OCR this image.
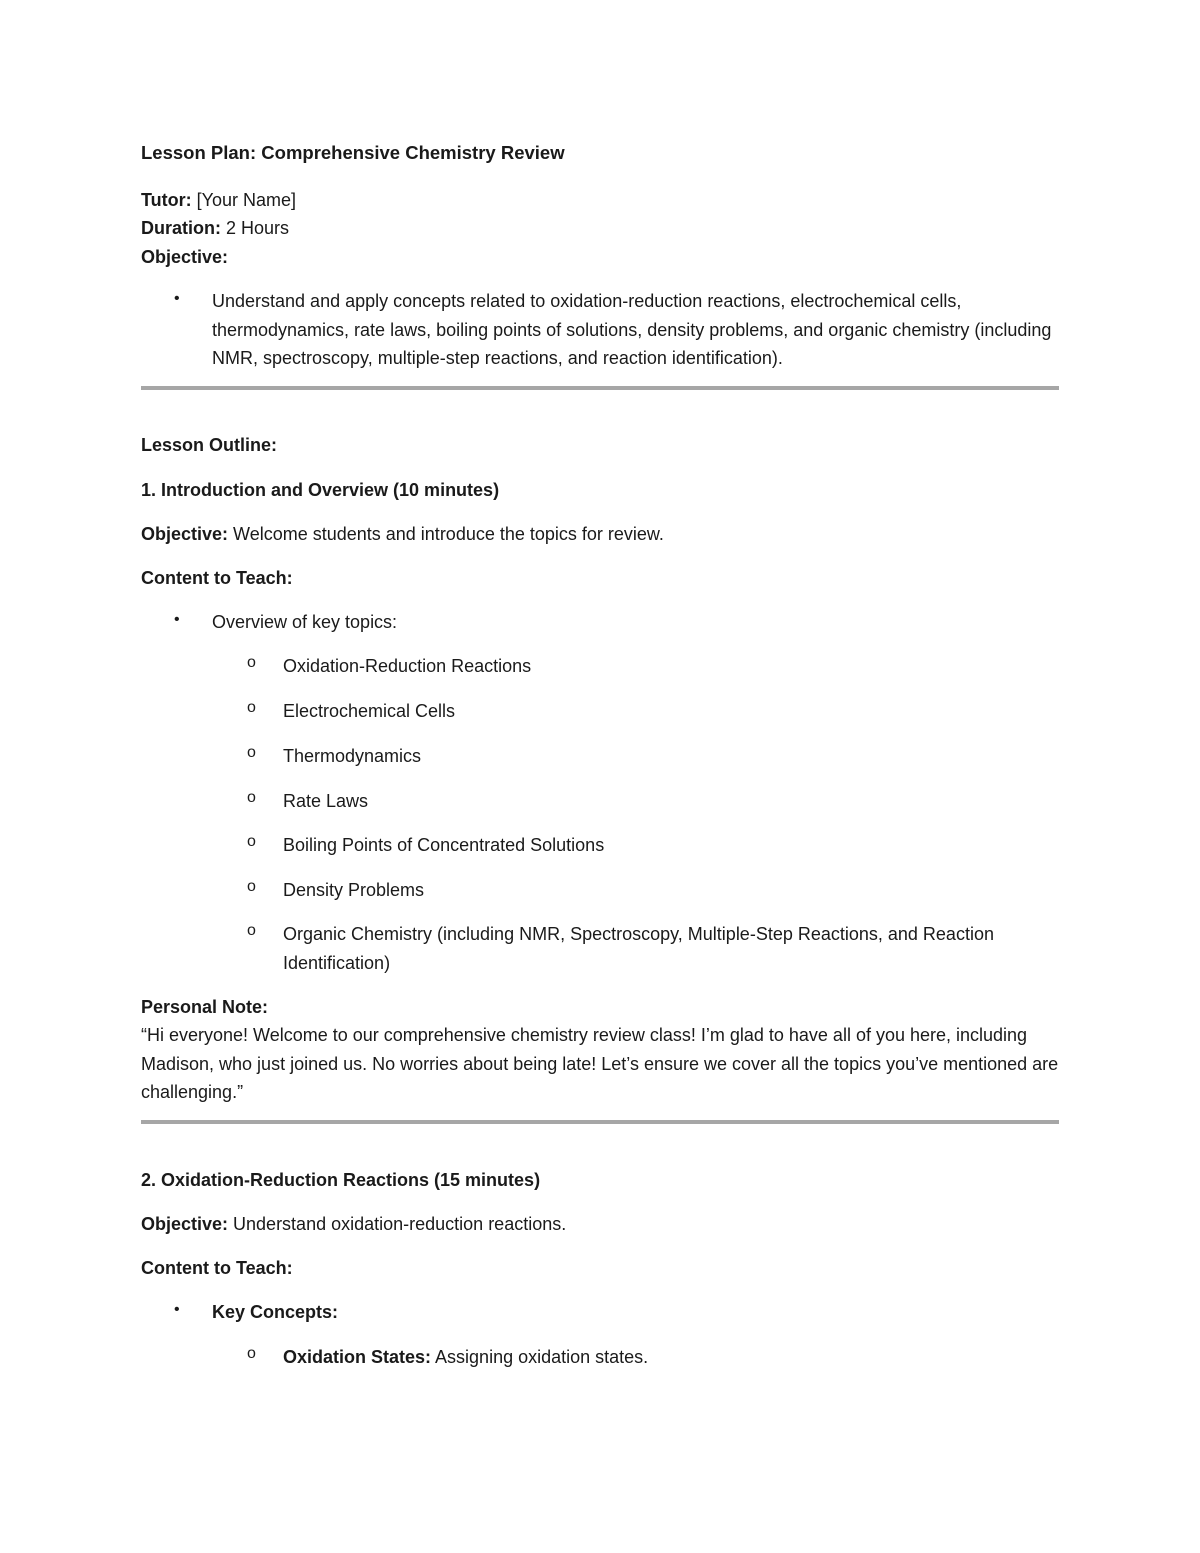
Lesson Plan: Comprehensive Chemistry Review
Tutor: [Your Name]
Duration: 2 Hours
Objective:
• Understand and apply concepts related to oxidation-reduction reactions, electrochemical cells, thermodynamics, rate laws, boiling points of solutions, density problems, and organic chemistry (including NMR, spectroscopy, multiple-step reactions, and reaction identification).
Lesson Outline:
1. Introduction and Overview (10 minutes)
Objective: Welcome students and introduce the topics for review.
Content to Teach:
• Overview of key topics:
o Oxidation-Reduction Reactions
o Electrochemical Cells
o Thermodynamics
o Rate Laws
o Boiling Points of Concentrated Solutions
o Density Problems
o Organic Chemistry (including NMR, Spectroscopy, Multiple-Step Reactions, and Reaction Identification)
Personal Note:
“Hi everyone! Welcome to our comprehensive chemistry review class! I’m glad to have all of you here, including Madison, who just joined us. No worries about being late! Let’s ensure we cover all the topics you’ve mentioned are challenging.”
2. Oxidation-Reduction Reactions (15 minutes)
Objective: Understand oxidation-reduction reactions.
Content to Teach:
• Key Concepts:
o Oxidation States: Assigning oxidation states.
